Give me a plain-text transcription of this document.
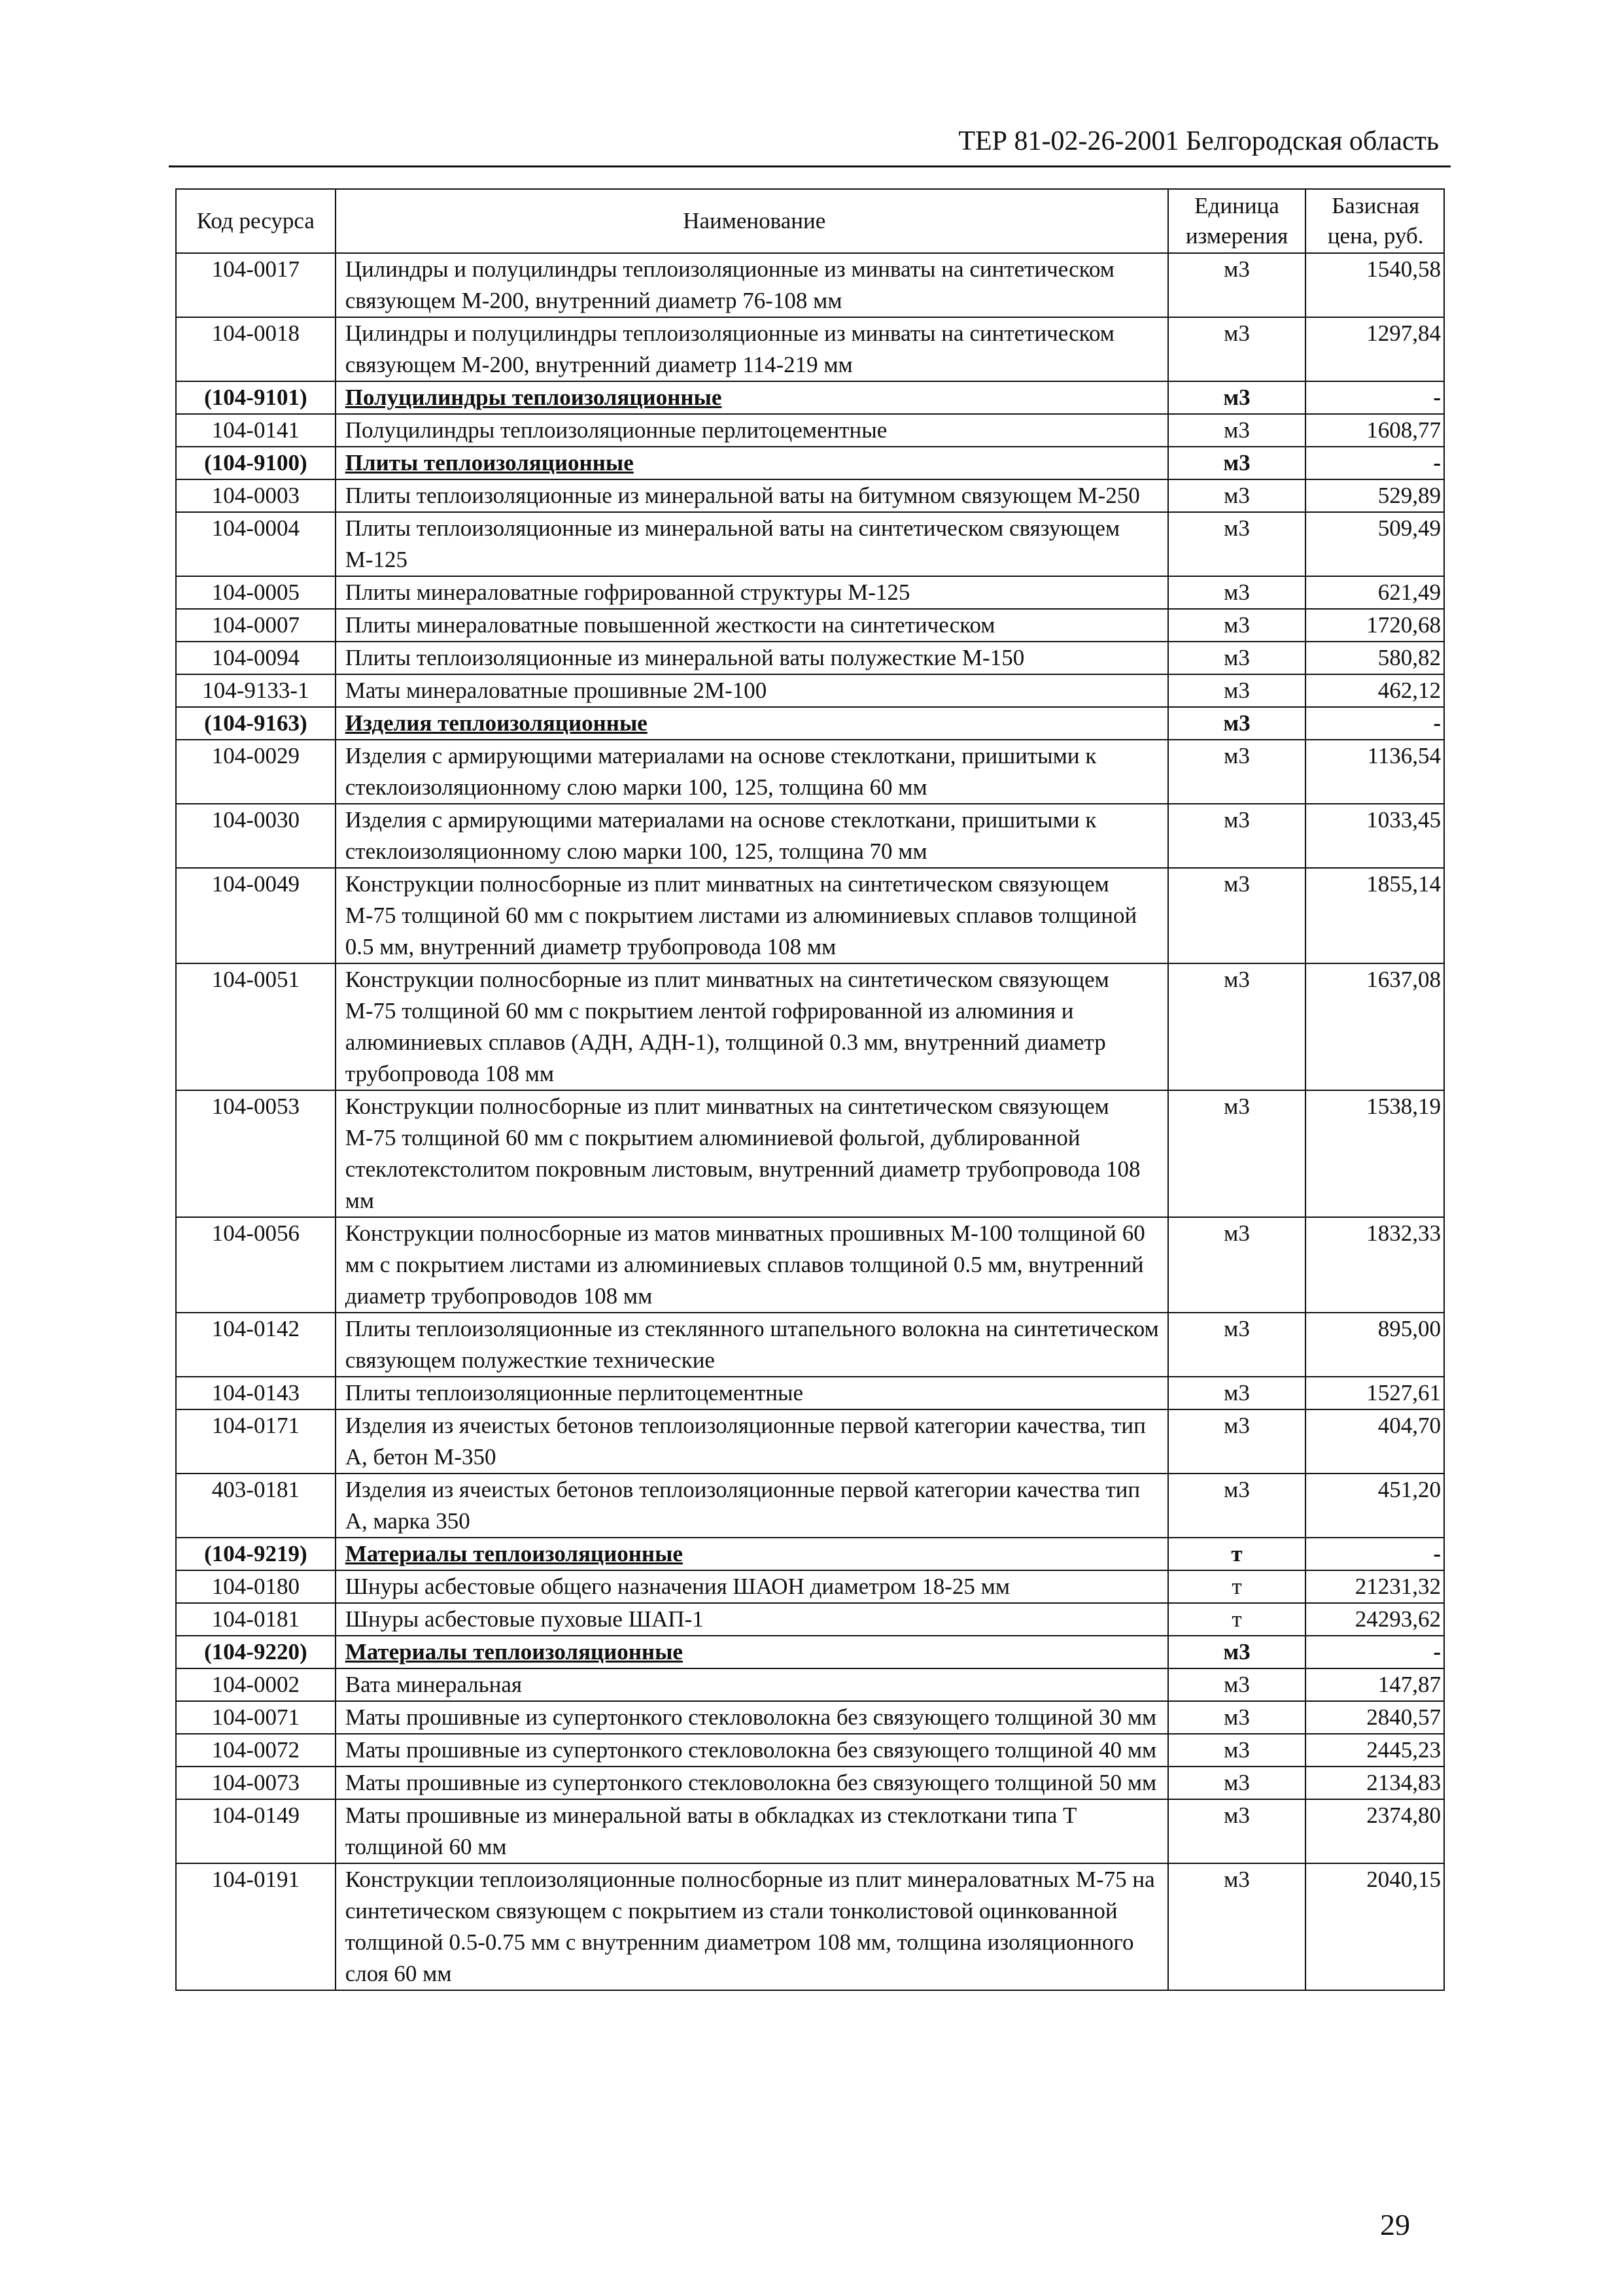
ТЕР 81-02-26-2001 Белгородская область
Код ресурса	Наименование	Единица измерения	Базисная цена, руб.
104-0017	Цилиндры и полуцилиндры теплоизоляционные из минваты на синтетическом связующем М-200, внутренний диаметр 76-108 мм	м3	1540,58
104-0018	Цилиндры и полуцилиндры теплоизоляционные из минваты на синтетическом связующем М-200, внутренний диаметр 114-219 мм	м3	1297,84
(104-9101)	Полуцилиндры теплоизоляционные	м3	-
104-0141	Полуцилиндры теплоизоляционные перлитоцементные	м3	1608,77
(104-9100)	Плиты теплоизоляционные	м3	-
104-0003	Плиты теплоизоляционные из минеральной ваты на битумном связующем М-250	м3	529,89
104-0004	Плиты теплоизоляционные из минеральной ваты на синтетическом связующем М-125	м3	509,49
104-0005	Плиты минераловатные гофрированной структуры М-125	м3	621,49
104-0007	Плиты минераловатные повышенной жесткости на синтетическом	м3	1720,68
104-0094	Плиты теплоизоляционные из минеральной ваты полужесткие М-150	м3	580,82
104-9133-1	Маты минераловатные прошивные 2М-100	м3	462,12
(104-9163)	Изделия теплоизоляционные	м3	-
104-0029	Изделия с армирующими материалами на основе стеклоткани, пришитыми к стеклоизоляционному слою марки 100, 125, толщина 60 мм	м3	1136,54
104-0030	Изделия с армирующими материалами на основе стеклоткани, пришитыми к стеклоизоляционному слою марки 100, 125, толщина 70 мм	м3	1033,45
104-0049	Конструкции полносборные из плит минватных на синтетическом связующем М-75 толщиной 60 мм с покрытием листами из алюминиевых сплавов толщиной 0.5 мм, внутренний диаметр трубопровода 108 мм	м3	1855,14
104-0051	Конструкции полносборные из плит минватных на синтетическом связующем М-75 толщиной 60 мм с покрытием лентой гофрированной из алюминия и алюминиевых сплавов (АДН, АДН-1), толщиной 0.3 мм, внутренний диаметр трубопровода 108 мм	м3	1637,08
104-0053	Конструкции полносборные из плит минватных на синтетическом связующем М-75 толщиной 60 мм с покрытием алюминиевой фольгой, дублированной стеклотекстолитом покровным листовым, внутренний диаметр трубопровода 108 мм	м3	1538,19
104-0056	Конструкции полносборные из матов минватных прошивных М-100 толщиной 60 мм с покрытием листами из алюминиевых сплавов толщиной 0.5 мм, внутренний диаметр трубопроводов 108 мм	м3	1832,33
104-0142	Плиты теплоизоляционные из стеклянного штапельного волокна на синтетическом связующем полужесткие технические	м3	895,00
104-0143	Плиты теплоизоляционные перлитоцементные	м3	1527,61
104-0171	Изделия из ячеистых бетонов теплоизоляционные первой категории качества, тип А, бетон М-350	м3	404,70
403-0181	Изделия из ячеистых бетонов теплоизоляционные первой категории качества тип А, марка 350	м3	451,20
(104-9219)	Материалы теплоизоляционные	т	-
104-0180	Шнуры асбестовые общего назначения ШАОН диаметром 18-25 мм	т	21231,32
104-0181	Шнуры асбестовые пуховые ШАП-1	т	24293,62
(104-9220)	Материалы теплоизоляционные	м3	-
104-0002	Вата минеральная	м3	147,87
104-0071	Маты прошивные из супертонкого стекловолокна без связующего толщиной 30 мм	м3	2840,57
104-0072	Маты прошивные из супертонкого стекловолокна без связующего толщиной 40 мм	м3	2445,23
104-0073	Маты прошивные из супертонкого стекловолокна без связующего толщиной 50 мм	м3	2134,83
104-0149	Маты прошивные из минеральной ваты в обкладках из стеклоткани типа Т толщиной 60 мм	м3	2374,80
104-0191	Конструкции теплоизоляционные полносборные из плит минераловатных М-75 на синтетическом связующем с покрытием из стали тонколистовой оцинкованной толщиной 0.5-0.75 мм с внутренним диаметром 108 мм, толщина изоляционного слоя 60 мм	м3	2040,15
29
